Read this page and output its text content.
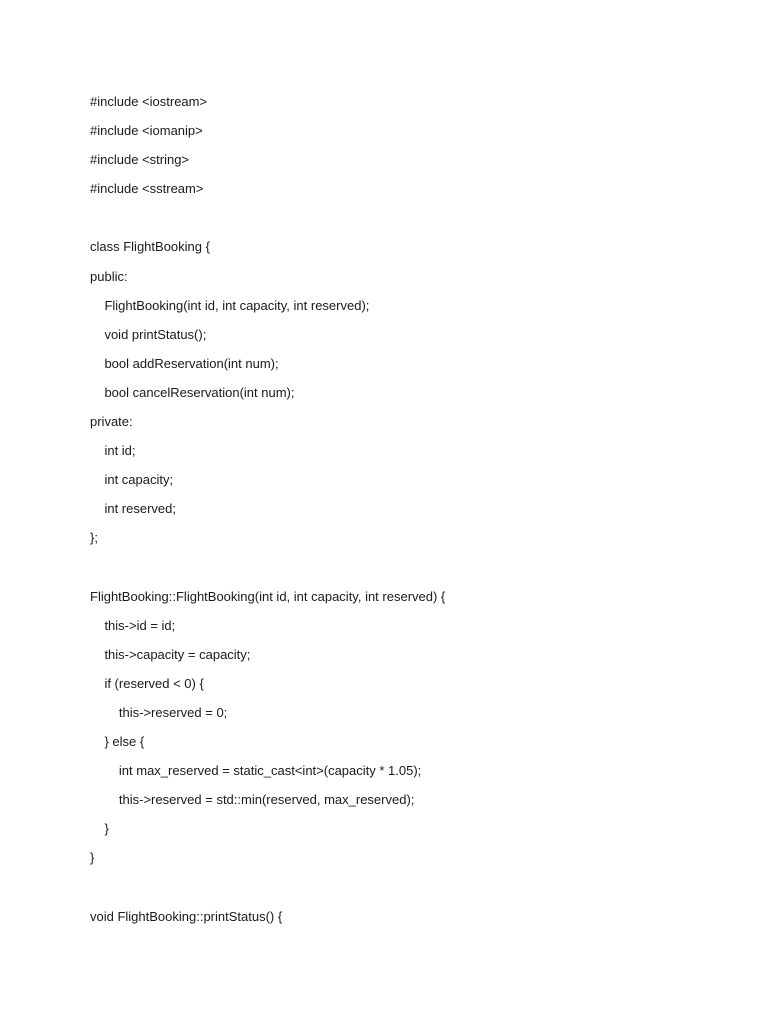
#include <iostream>
#include <iomanip>
#include <string>
#include <sstream>
class FlightBooking {
public:
FlightBooking(int id, int capacity, int reserved);
void printStatus();
bool addReservation(int num);
bool cancelReservation(int num);
private:
int id;
int capacity;
int reserved;
};
FlightBooking::FlightBooking(int id, int capacity, int reserved) {
this->id = id;
this->capacity = capacity;
if (reserved < 0) {
this->reserved = 0;
} else {
int max_reserved = static_cast<int>(capacity * 1.05);
this->reserved = std::min(reserved, max_reserved);
}
}
void FlightBooking::printStatus() {
